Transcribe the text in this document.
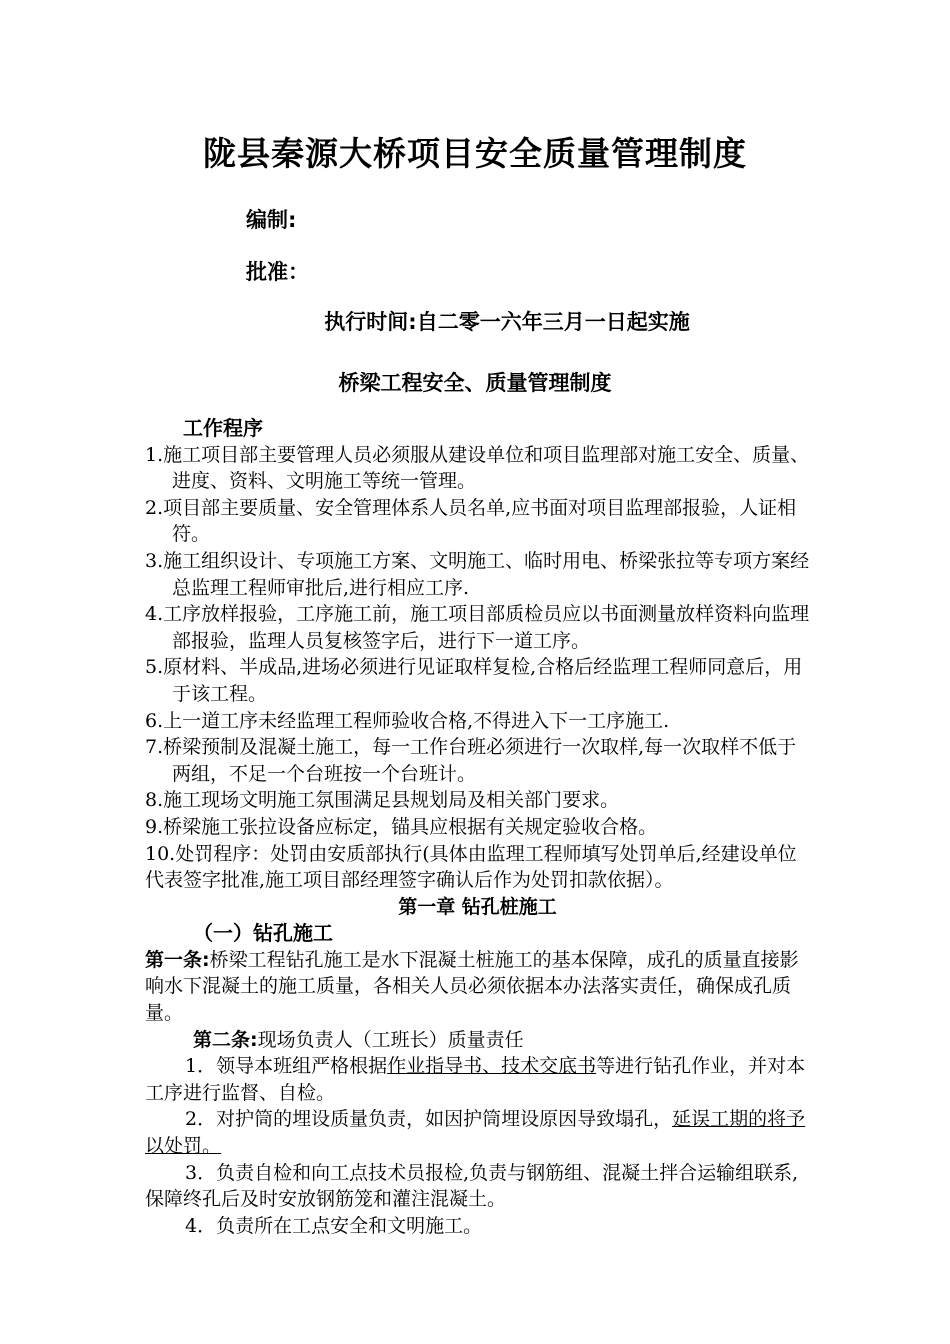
陇县秦源大桥项目安全质量管理制度
编制:
批准：
执行时间:自二零一六年三月一日起实施
桥梁工程安全、质量管理制度

工作程序

1.施工项目部主要管理人员必须服从建设单位和项目监理部对施工安全、质量、进度、资料、文明施工等统一管理。

2.项目部主要质量、安全管理体系人员名单,应书面对项目监理部报验，人证相符。

3.施工组织设计、专项施工方案、文明施工、临时用电、桥梁张拉等专项方案经总监理工程师审批后,进行相应工序.

4.工序放样报验，工序施工前，施工项目部质检员应以书面测量放样资料向监理部报验，监理人员复核签字后，进行下一道工序。

5.原材料、半成品,进场必须进行见证取样复检,合格后经监理工程师同意后，用于该工程。

6.上一道工序未经监理工程师验收合格,不得进入下一工序施工.

7.桥梁预制及混凝土施工，每一工作台班必须进行一次取样,每一次取样不低于两组，不足一个台班按一个台班计。

8.施工现场文明施工氛围满足县规划局及相关部门要求。

9.桥梁施工张拉设备应标定，锚具应根据有关规定验收合格。

10.处罚程序：处罚由安质部执行(具体由监理工程师填写处罚单后,经建设单位代表签字批准,施工项目部经理签字确认后作为处罚扣款依据）。

第一章 钻孔桩施工

（一）钻孔施工

第一条:桥梁工程钻孔施工是水下混凝土桩施工的基本保障，成孔的质量直接影响水下混凝土的施工质量，各相关人员必须依据本办法落实责任，确保成孔质量。

第二条:现场负责人（工班长）质量责任

1．领导本班组严格根据作业指导书、技术交底书等进行钻孔作业，并对本工序进行监督、自检。

2．对护筒的埋设质量负责，如因护筒埋设原因导致塌孔，延误工期的将予以处罚。

3．负责自检和向工点技术员报检,负责与钢筋组、混凝土拌合运输组联系,保障终孔后及时安放钢筋笼和灌注混凝土。

4．负责所在工点安全和文明施工。
